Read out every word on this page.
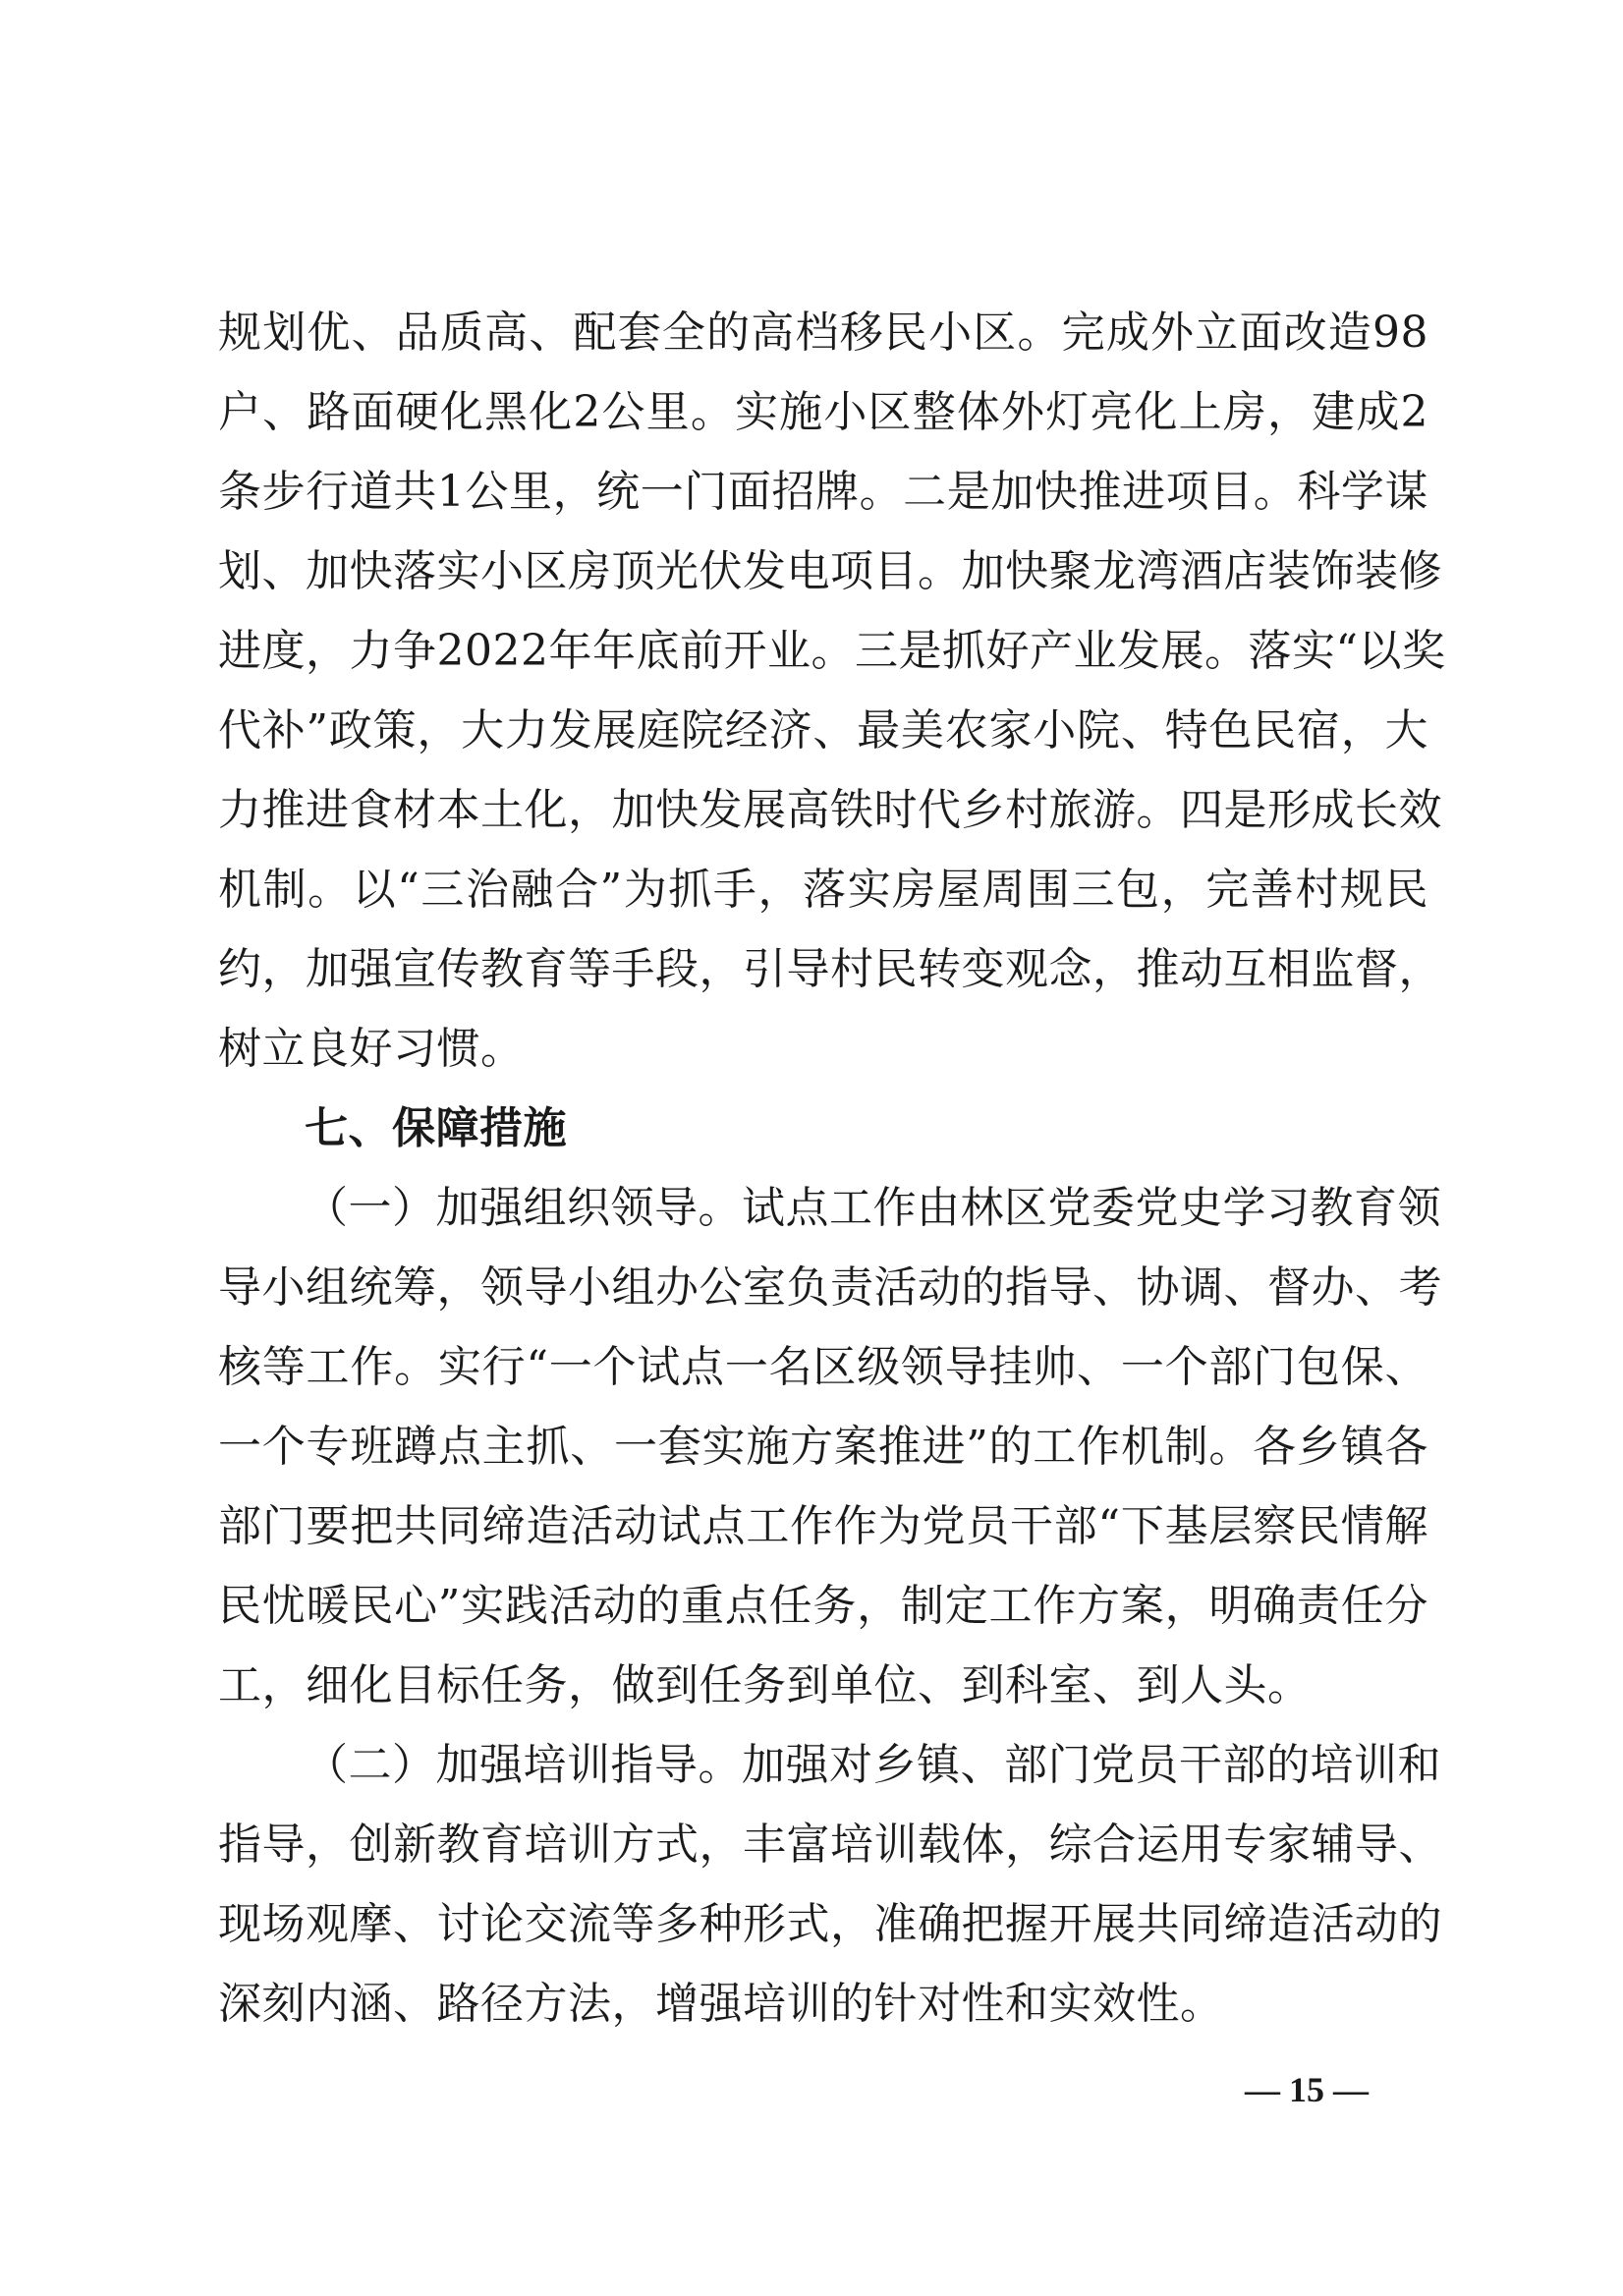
规划优、品质高、配套全的高档移民小区。完成外立面改造98
户、路面硬化黑化2公里。实施小区整体外灯亮化上房，建成2
条步行道共1公里，统一门面招牌。二是加快推进项目。科学谋
划、加快落实小区房顶光伏发电项目。加快聚龙湾酒店装饰装修
进度，力争2022年年底前开业。三是抓好产业发展。落实“以奖
代补”政策，大力发展庭院经济、最美农家小院、特色民宿，大
力推进食材本土化，加快发展高铁时代乡村旅游。四是形成长效
机制。以“三治融合”为抓手，落实房屋周围三包，完善村规民
约，加强宣传教育等手段，引导村民转变观念，推动互相监督，
树立良好习惯。
七、保障措施
（一）加强组织领导。试点工作由林区党委党史学习教育领
导小组统筹，领导小组办公室负责活动的指导、协调、督办、考
核等工作。实行“一个试点一名区级领导挂帅、一个部门包保、
一个专班蹲点主抓、一套实施方案推进”的工作机制。各乡镇各
部门要把共同缔造活动试点工作作为党员干部“下基层察民情解
民忧暖民心”实践活动的重点任务，制定工作方案，明确责任分
工，细化目标任务，做到任务到单位、到科室、到人头。
（二）加强培训指导。加强对乡镇、部门党员干部的培训和
指导，创新教育培训方式，丰富培训载体，综合运用专家辅导、
现场观摩、讨论交流等多种形式，准确把握开展共同缔造活动的
深刻内涵、路径方法，增强培训的针对性和实效性。
— 15 —
